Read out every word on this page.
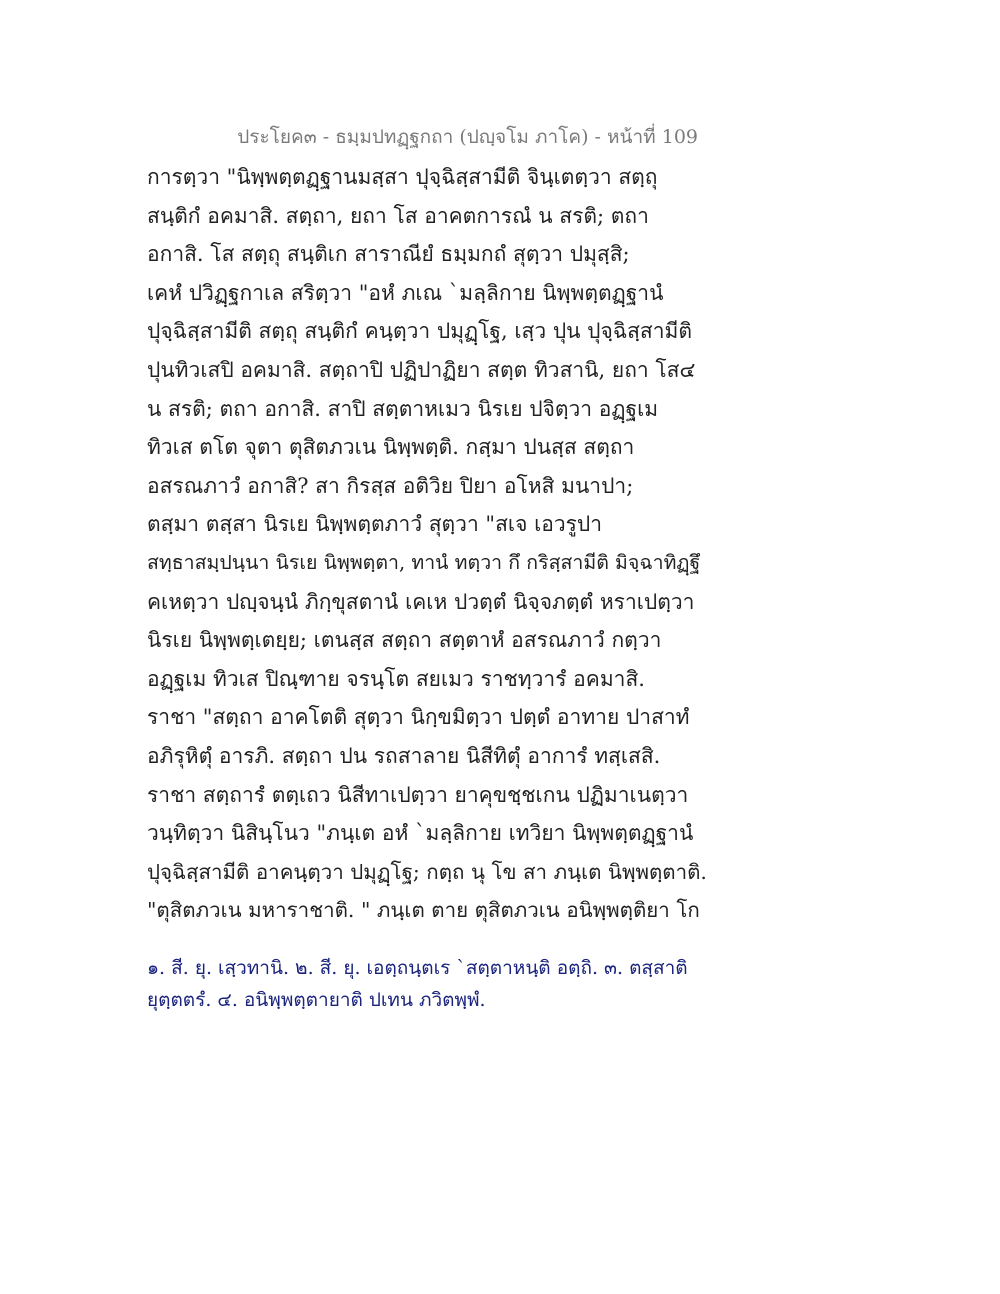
ประโยค๓ - ธมฺมปทฏฺฐกถา (ปญฺจโม ภาโค) - หน้าที่ 109
การตฺวา "นิพฺพตฺตฏฺฐานมสฺสา ปุจฺฉิสฺสามีติ จินฺเตตฺวา สตฺถุ
สนฺติกํ อคมาสิ. สตฺถา, ยถา โส อาคตการณํ น สรติ; ตถา
อกาสิ. โส สตฺถุ สนฺติเก สาราณียํ ธมฺมกถํ สุตฺวา ปมุสฺสิ;
เคหํ ปวิฏฺฐกาเล สริตฺวา "อหํ ภเณ `มลฺลิกาย นิพฺพตฺตฏฺฐานํ
ปุจฺฉิสฺสามีติ สตฺถุ สนฺติกํ คนฺตฺวา ปมุฏฺโฐ, เสฺว ปุน ปุจฺฉิสฺสามีติ
ปุนทิวเสปิ อคมาสิ. สตฺถาปิ ปฏิปาฏิยา สตฺต ทิวสานิ, ยถา โส๔
น สรติ; ตถา อกาสิ. สาปิ สตฺตาหเมว นิรเย ปจิตฺวา อฏฺฐเม
ทิวเส ตโต จุตา ตุสิตภวเน นิพฺพตฺติ. กสฺมา ปนสฺส สตฺถา
อสรณภาวํ อกาสิ? สา กิรสฺส อติวิย ปิยา อโหสิ มนาปา;
ตสฺมา ตสฺสา นิรเย นิพฺพตฺตภาวํ สุตฺวา "สเจ เอวรูปา
สทฺธาสมฺปนฺนา นิรเย นิพฺพตฺตา, ทานํ ทตฺวา กึ กริสฺสามีติ มิจฺฉาทิฏฺฐึ
คเหตฺวา ปญฺจนฺนํ ภิกฺขุสตานํ เคเห ปวตฺตํ นิจฺจภตฺตํ หราเปตฺวา
นิรเย นิพฺพตฺเตยฺย; เตนสฺส สตฺถา สตฺตาหํ อสรณภาวํ กตฺวา
อฏฺฐเม ทิวเส ปิณฺฑาย จรนฺโต สยเมว ราชทฺวารํ อคมาสิ.
ราชา "สตฺถา อาคโตติ สุตฺวา นิกฺขมิตฺวา ปตฺตํ อาทาย ปาสาทํ
อภิรุหิตุํ อารภิ. สตฺถา ปน รถสาลาย นิสีทิตุํ อาการํ ทสฺเสสิ.
ราชา สตฺถารํ ตตฺเถว นิสีทาเปตฺวา ยาคุขชฺชเกน ปฏิมาเนตฺวา
วนฺทิตฺวา นิสินฺโนว "ภนฺเต อหํ `มลฺลิกาย เทวิยา นิพฺพตฺตฏฺฐานํ
ปุจฺฉิสฺสามีติ อาคนฺตฺวา ปมุฏฺโฐ; กตฺถ นุ โข สา ภนฺเต นิพฺพตฺตาติ.
"ตุสิตภวเน มหาราชาติ. " ภนฺเต ตาย ตุสิตภวเน อนิพฺพตฺติยา โก
๑. สี. ยุ. เสฺวทานิ. ๒. สี. ยุ. เอตฺถนฺตเร `สตฺตาหนฺติ อตฺถิ. ๓. ตสฺสาติ
ยุตฺตตรํ. ๔. อนิพฺพตฺตายาติ ปเทน ภวิตพฺพํ.
